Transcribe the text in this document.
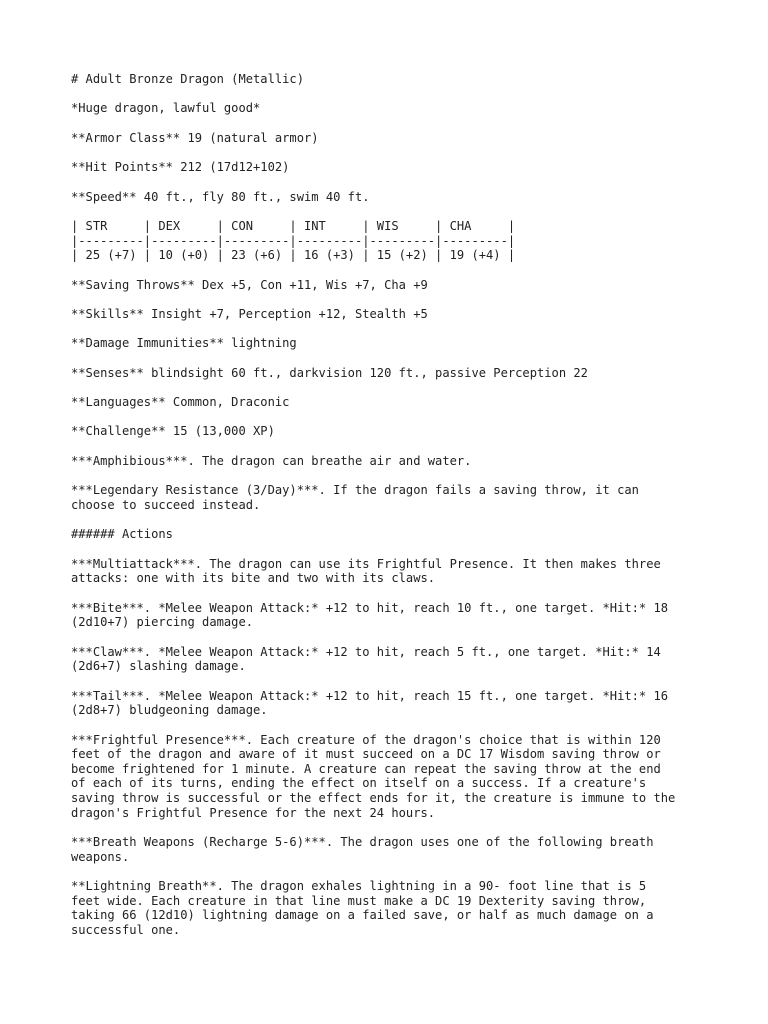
# Adult Bronze Dragon (Metallic)
*Huge dragon, lawful good*
**Armor Class** 19 (natural armor)
**Hit Points** 212 (17d12+102)
**Speed** 40 ft., fly 80 ft., swim 40 ft.
| STR     | DEX     | CON     | INT     | WIS     | CHA     |
|---------|---------|---------|---------|---------|---------|
| 25 (+7) | 10 (+0) | 23 (+6) | 16 (+3) | 15 (+2) | 19 (+4) |
**Saving Throws** Dex +5, Con +11, Wis +7, Cha +9
**Skills** Insight +7, Perception +12, Stealth +5
**Damage Immunities** lightning
**Senses** blindsight 60 ft., darkvision 120 ft., passive Perception 22
**Languages** Common, Draconic
**Challenge** 15 (13,000 XP)
***Amphibious***. The dragon can breathe air and water.
***Legendary Resistance (3/Day)***. If the dragon fails a saving throw, it can
choose to succeed instead.
###### Actions
***Multiattack***. The dragon can use its Frightful Presence. It then makes three
attacks: one with its bite and two with its claws.
***Bite***. *Melee Weapon Attack:* +12 to hit, reach 10 ft., one target. *Hit:* 18
(2d10+7) piercing damage.
***Claw***. *Melee Weapon Attack:* +12 to hit, reach 5 ft., one target. *Hit:* 14
(2d6+7) slashing damage.
***Tail***. *Melee Weapon Attack:* +12 to hit, reach 15 ft., one target. *Hit:* 16
(2d8+7) bludgeoning damage.
***Frightful Presence***. Each creature of the dragon's choice that is within 120
feet of the dragon and aware of it must succeed on a DC 17 Wisdom saving throw or
become frightened for 1 minute. A creature can repeat the saving throw at the end
of each of its turns, ending the effect on itself on a success. If a creature's
saving throw is successful or the effect ends for it, the creature is immune to the
dragon's Frightful Presence for the next 24 hours.
***Breath Weapons (Recharge 5-6)***. The dragon uses one of the following breath
weapons.
**Lightning Breath**. The dragon exhales lightning in a 90- foot line that is 5
feet wide. Each creature in that line must make a DC 19 Dexterity saving throw,
taking 66 (12d10) lightning damage on a failed save, or half as much damage on a
successful one.
